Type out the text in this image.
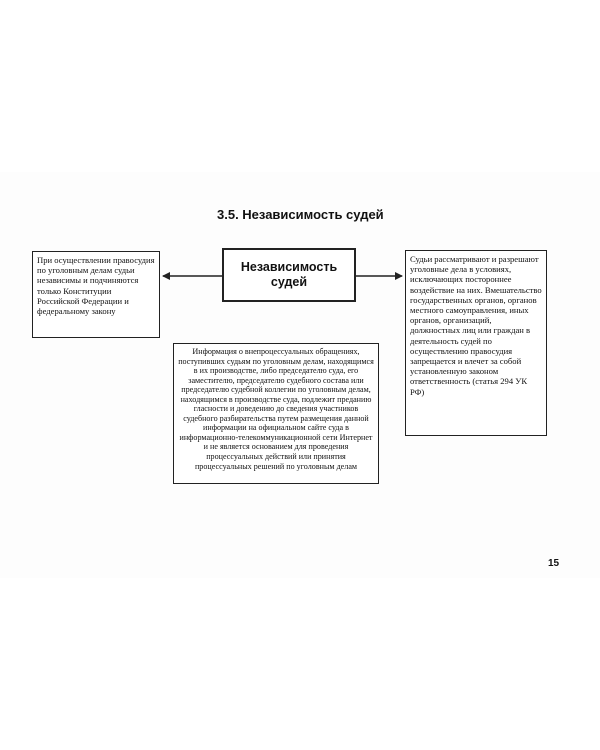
3.5. Независимость судей
При осуществлении правосудия по уголовным делам судьи независимы и подчиняются только Конституции Российской Федерации и федеральному закону
Независимость судей
Судьи рассматривают и разрешают уголовные дела в условиях, исключающих постороннее воздействие на них. Вмешательство государственных органов, органов местного самоуправления, иных органов, организаций, должностных лиц или граждан в деятельность судей по осуществлению правосудия запрещается и влечет за собой установленную законом ответственность (статья 294 УК РФ)
Информация о внепроцессуальных обращениях, поступивших судьям по уголовным делам, находящимся в их производстве, либо председателю суда, его заместителю, председателю судебного состава или председателю судебной коллегии по уголовным делам, находящимся в производстве суда, подлежит преданию гласности и доведению до сведения участников судебного разбирательства путем размещения данной информации на официальном сайте суда в информационно-телекоммуникационной сети Интернет и не является основанием для проведения процессуальных действий или принятия процессуальных решений по уголовным делам
15
